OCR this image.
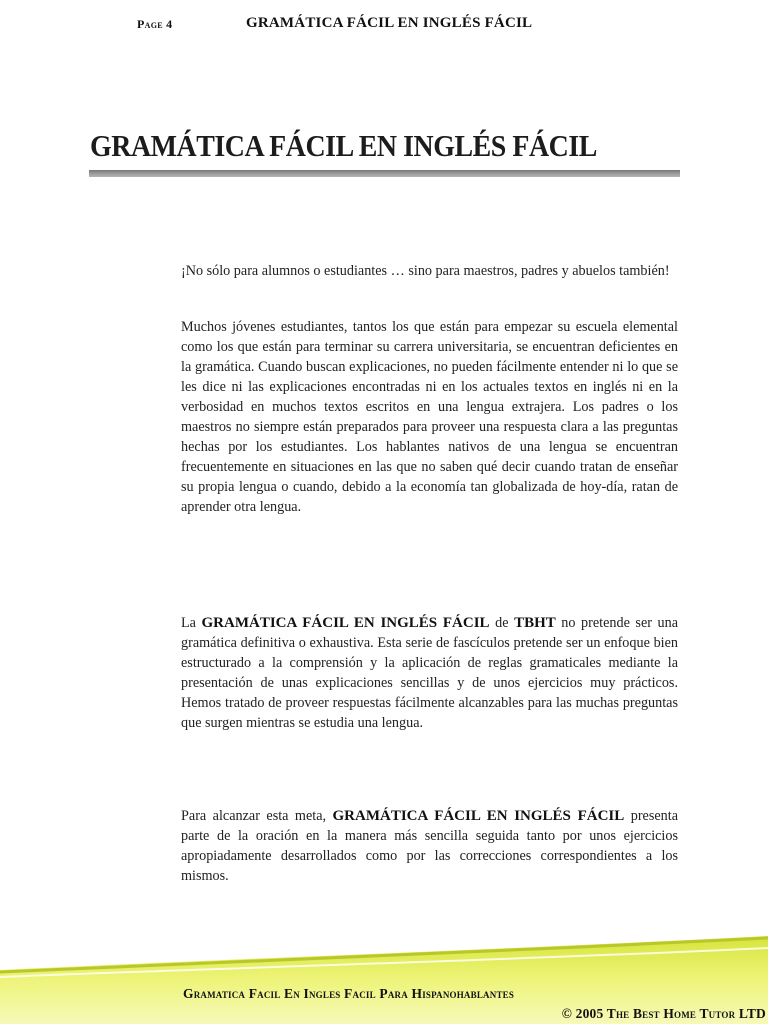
Page 4	GRAMÁTICA FÁCIL EN INGLÉS FÁCIL
GRAMÁTICA FÁCIL EN INGLÉS FÁCIL
¡No sólo para alumnos o estudiantes … sino para maestros, padres y abuelos también!
Muchos jóvenes estudiantes, tantos los que están para empezar su escuela elemental como los que están para terminar su carrera universitaria, se encuentran deficientes en la gramática. Cuando buscan explicaciones, no pueden fácilmente entender ni lo que se les dice ni las explicaciones encontradas ni en los actuales textos en inglés ni en la verbosidad en muchos textos escritos en una lengua extrajera. Los padres o los maestros no siempre están preparados para proveer una respuesta clara a las preguntas hechas por los estudiantes. Los hablantes nativos de una lengua se encuentran frecuentemente en situaciones en las que no saben qué decir cuando tratan de enseñar su propia lengua o cuando, debido a la economía tan globalizada de hoy-día, ratan de aprender otra lengua.
La GRAMÁTICA FÁCIL EN INGLÉS FÁCIL de TBHT no pretende ser una gramática definitiva o exhaustiva. Esta serie de fascículos pretende ser un enfoque bien estructurado a la comprensión y la aplicación de reglas gramaticales mediante la presentación de unas explicaciones sencillas y de unos ejercicios muy prácticos. Hemos tratado de proveer respuestas fácilmente alcanzables para las muchas preguntas que surgen mientras se estudia una lengua.
Para alcanzar esta meta, GRAMÁTICA FÁCIL EN INGLÉS FÁCIL presenta parte de la oración en la manera más sencilla seguida tanto por unos ejercicios apropiadamente desarrollados como por las correcciones correspondientes a los mismos.
Gramatica Facil En Ingles Facil Para Hispanohablantes
© 2005 The Best Home Tutor LTD
